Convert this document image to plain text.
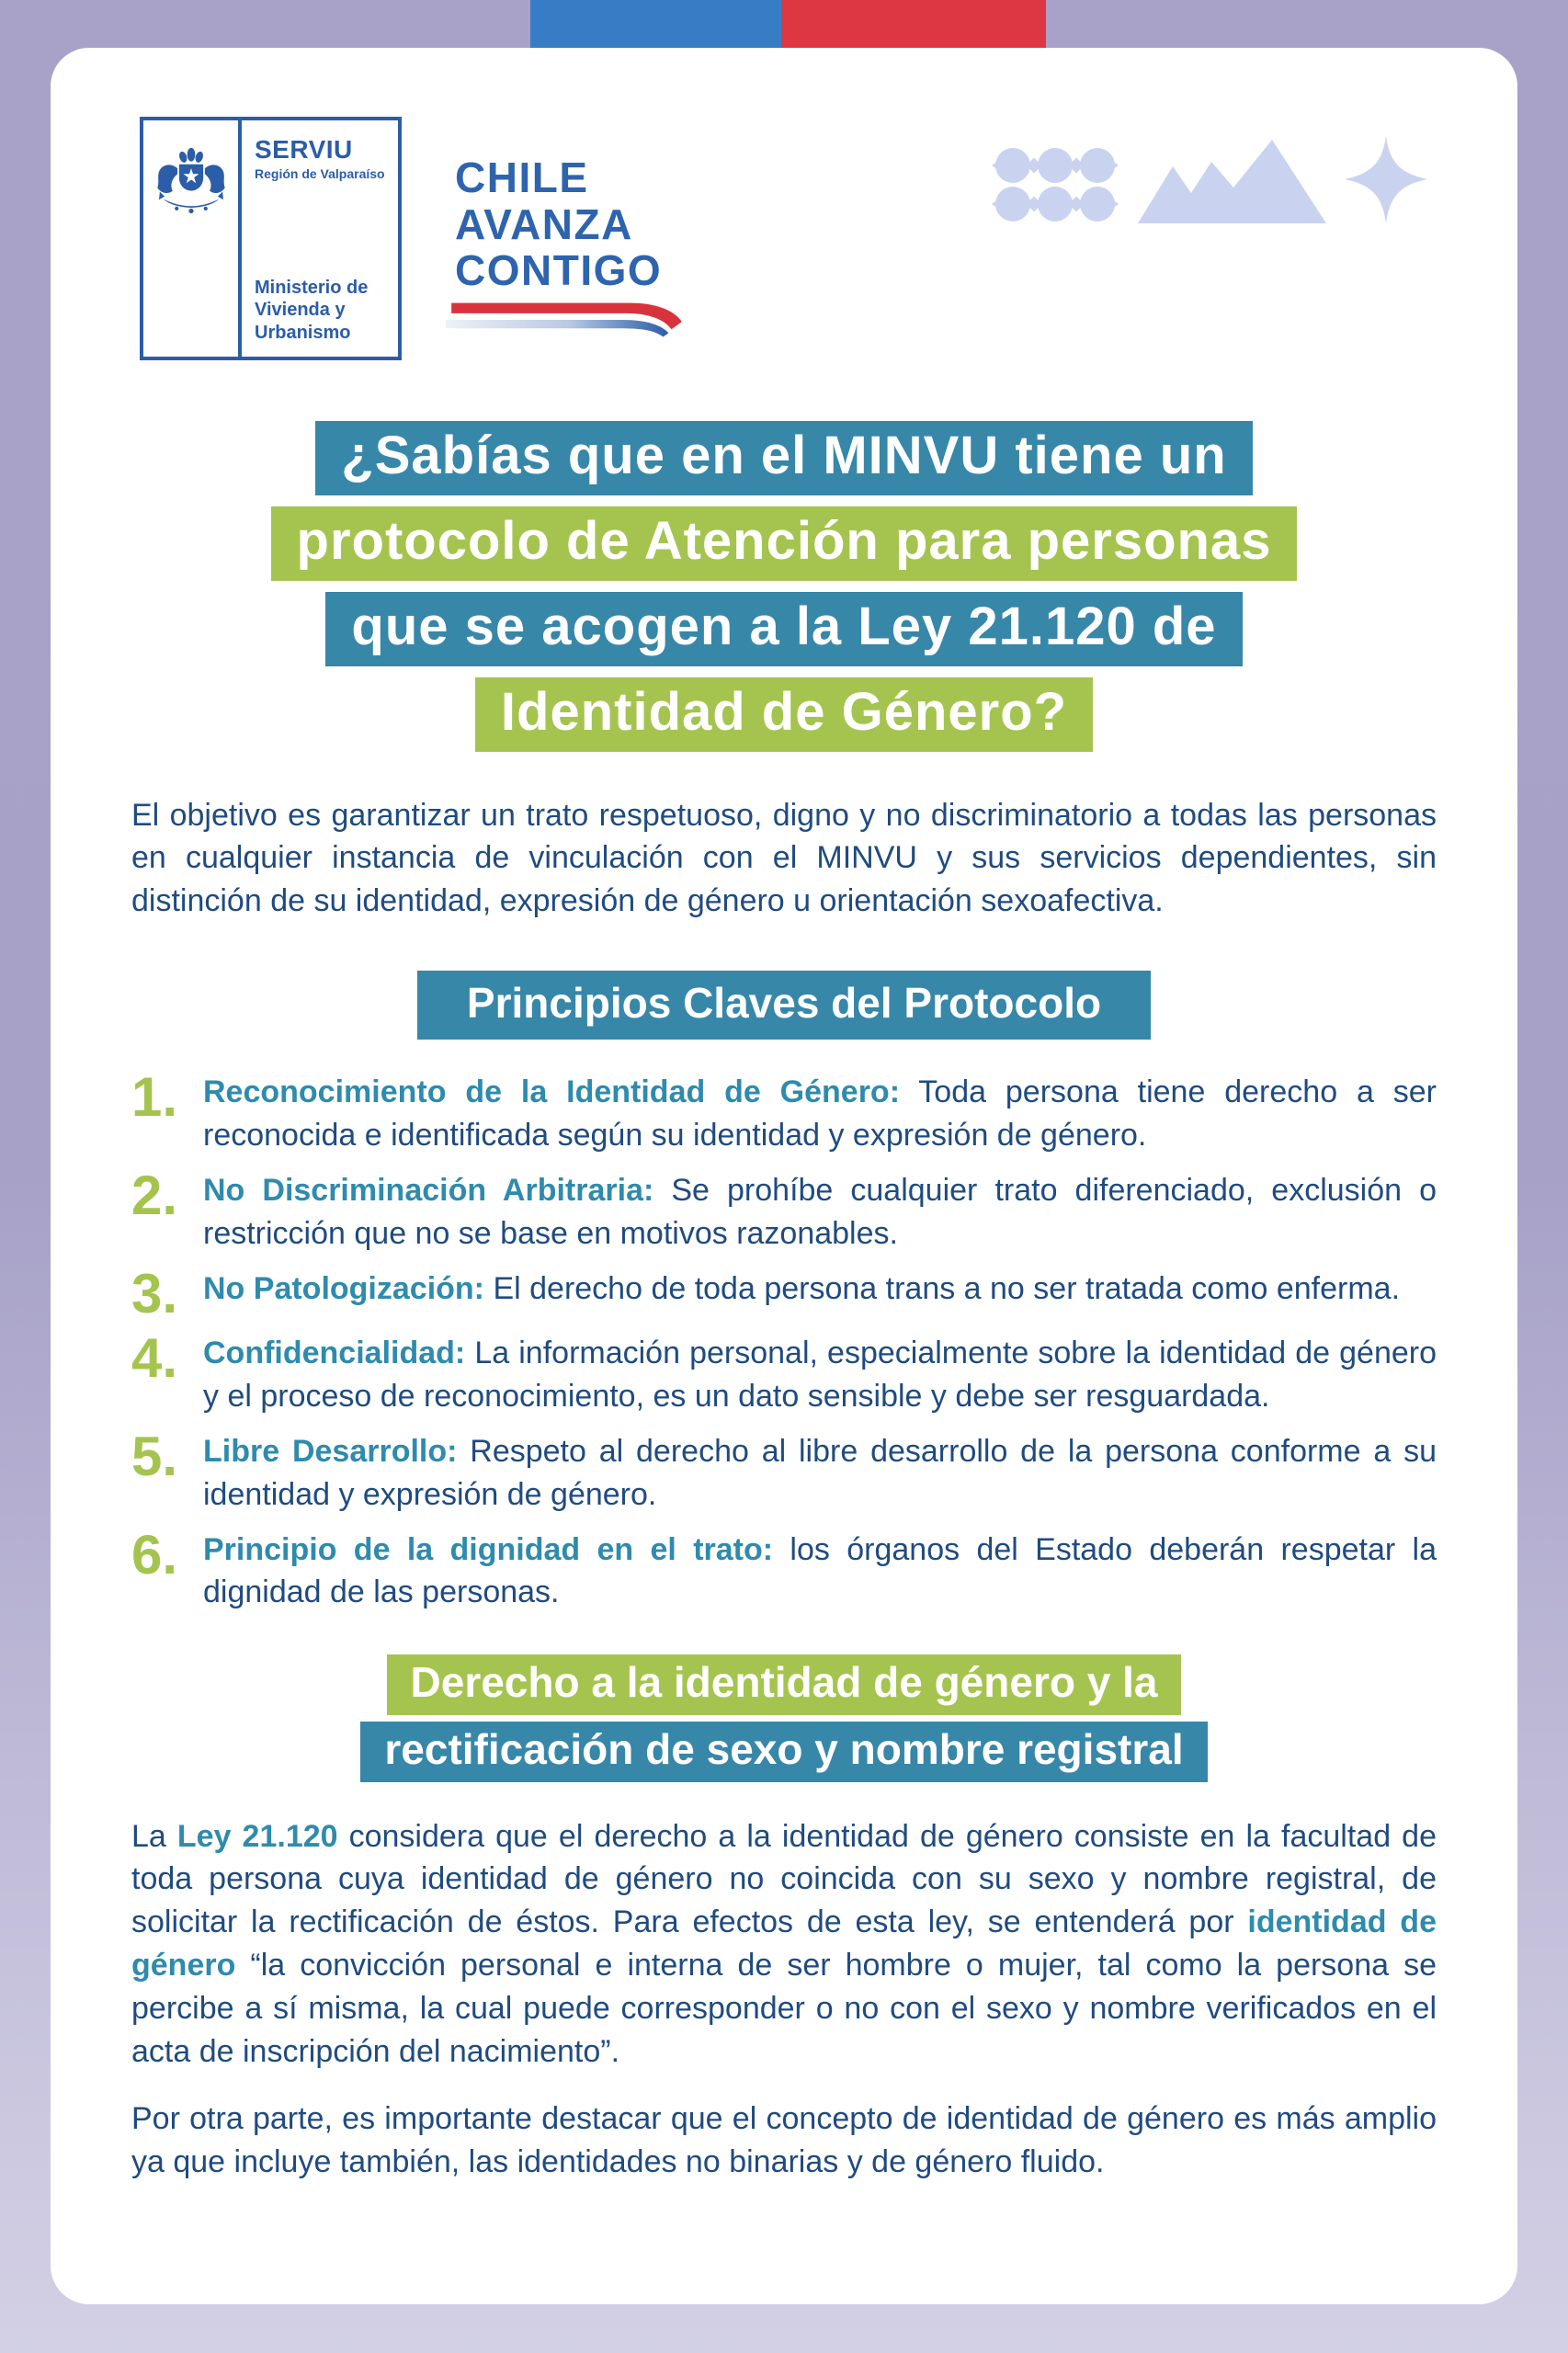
SERVIU
Región de Valparaíso
Ministerio de Vivienda y Urbanismo
CHILE
AVANZA
CONTIGO
¿Sabías que en el MINVU tiene un
protocolo de Atención para personas
que se acogen a la Ley 21.120 de
Identidad de Género?

El objetivo es garantizar un trato respetuoso, digno y no discriminatorio a todas las personas en cualquier instancia de vinculación con el MINVU y sus servicios dependientes, sin distinción de su identidad, expresión de género u orientación sexoafectiva.

Principios Claves del Protocolo
1. Reconocimiento de la Identidad de Género: Toda persona tiene derecho a ser reconocida e identificada según su identidad y expresión de género.

2. No Discriminación Arbitraria: Se prohíbe cualquier trato diferenciado, exclusión o restricción que no se base en motivos razonables.

3. No Patologización: El derecho de toda persona trans a no ser tratada como enferma.

4. Confidencialidad: La información personal, especialmente sobre la identidad de género y el proceso de reconocimiento, es un dato sensible y debe ser resguardada.

5. Libre Desarrollo: Respeto al derecho al libre desarrollo de la persona conforme a su identidad y expresión de género.

6. Principio de la dignidad en el trato: los órganos del Estado deberán respetar la dignidad de las personas.

Derecho a la identidad de género y la
rectificación de sexo y nombre registral

La Ley 21.120 considera que el derecho a la identidad de género consiste en la facultad de toda persona cuya identidad de género no coincida con su sexo y nombre registral, de solicitar la rectificación de éstos. Para efectos de esta ley, se entenderá por identidad de género “la convicción personal e interna de ser hombre o mujer, tal como la persona se percibe a sí misma, la cual puede corresponder o no con el sexo y nombre verificados en el acta de inscripción del nacimiento”.

Por otra parte, es importante destacar que el concepto de identidad de género es más amplio ya que incluye también, las identidades no binarias y de género fluido.
